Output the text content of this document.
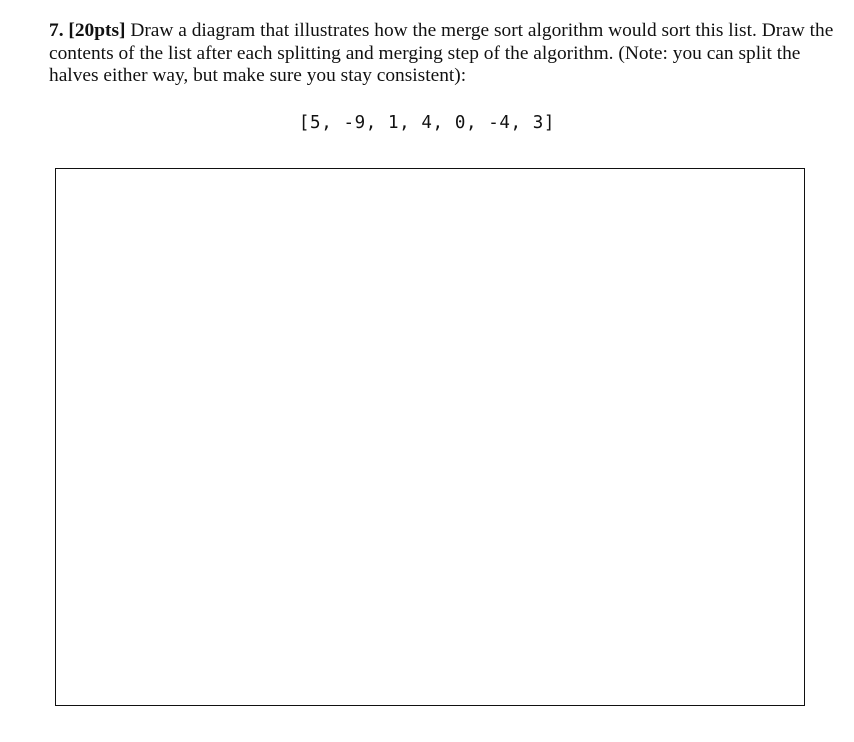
7. [20pts] Draw a diagram that illustrates how the merge sort algorithm would sort this list. Draw the contents of the list after each splitting and merging step of the algorithm. (Note: you can split the halves either way, but make sure you stay consistent):
[5, -9, 1, 4, 0, -4, 3]
